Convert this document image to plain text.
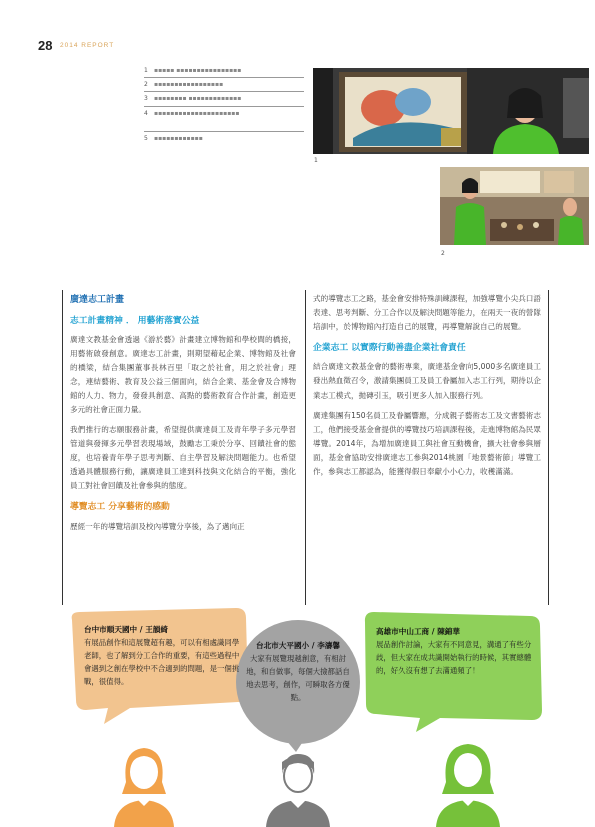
28 2014 REPORT
1	▪▪▪▪▪ ▪▪▪▪▪▪▪▪▪▪▪▪▪▪▪▪
2	▪▪▪▪▪▪▪▪▪▪▪▪▪▪▪▪▪
3	▪▪▪▪▪▪▪▪ ▪▪▪▪▪▪▪▪▪▪▪▪▪
4	▪▪▪▪▪▪▪▪▪▪▪▪▪▪▪▪▪▪▪▪▪
5	▪▪▪▪▪▪▪▪▪▪▪▪
1
2
廣達志工計畫
志工計畫精神 ． 用藝術落實公益

廣達文教基金會透過《游於藝》計畫建立博物館和學校間的橋接，用藝術啟發創意。廣達志工計畫，則期望藉起企業、博物館及社會的橋梁，結合集團董事長林百里「取之於社會，用之於社會」理念，連結藝術、教育及公益三個面向，結合企業、基金會及合博物館的人力、物力，發發具創意、高點的藝術教育合作計畫，創造更多元的社會正面力量。

我們推行的志願服務計畫，希望提供廣達員工及青年學子多元學習管道與發揮多元學習表現場域，鼓勵志工秉於分享、回饋社會的態度，也培養青年學子思考判斷、自主學習及解決問題能力。也希望透過具體服務行動，讓廣達員工達到科技與文化結合的平衡，強化員工對社會回饋及社會參與的態度。

導覽志工 分享藝術的感動

歷經一年的導覽培訓及校內導覽分享後，為了邁向正

式的導覽志工之路，基金會安排特殊訓練課程，加強導覽小尖兵口語表達、思考判斷、分工合作以及解決問題等能力，在兩天一夜的營隊培訓中，於博物館內打造自己的展覽，再導覽解說自己的展覽。

企業志工 以實際行動善盡企業社會責任

結合廣達文教基金會的藝術專業，廣達基金會向5,000多名廣達員工發出熱血徵召令，激請集團員工及員工眷屬加入志工行列，期待以企業志工模式，拋磚引玉，吸引更多人加入服務行列。

廣達集團有150名員工及眷屬響應，分成親子藝術志工及文書藝術志工，他們接受基金會提供的導覽技巧培訓課程後，走進博物館為民眾導覽。2014年，為增加廣達員工與社會互動機會，擴大社會參與層面，基金會協助安排廣達志工參與2014桃園「地景藝術節」導覽工作，參與志工都認為，能獲得假日奉獻小小心力，收穫滿滿。

台中市順天國中 / 王韻綺
有展品創作和這展覽超有趣，可以有相處識同學老師，也了解到分工合作的重要，有這些過程中會遇到之創在學校中不合適到的問題，是一個挑戰，很值得。
台北市大平國小 / 李濤馨
大家有展覽現越創意，有相討地，和自做事，每個大撿都話自地去思考，創作，可瞬取各方優點。
高雄市中山工商 / 陳錦華
展品創作討論，大家有不同意見，溝通了有些分歧，但大家在成共識開始執行的時候，其實總體的，好久沒有想了去滿通頻了！
